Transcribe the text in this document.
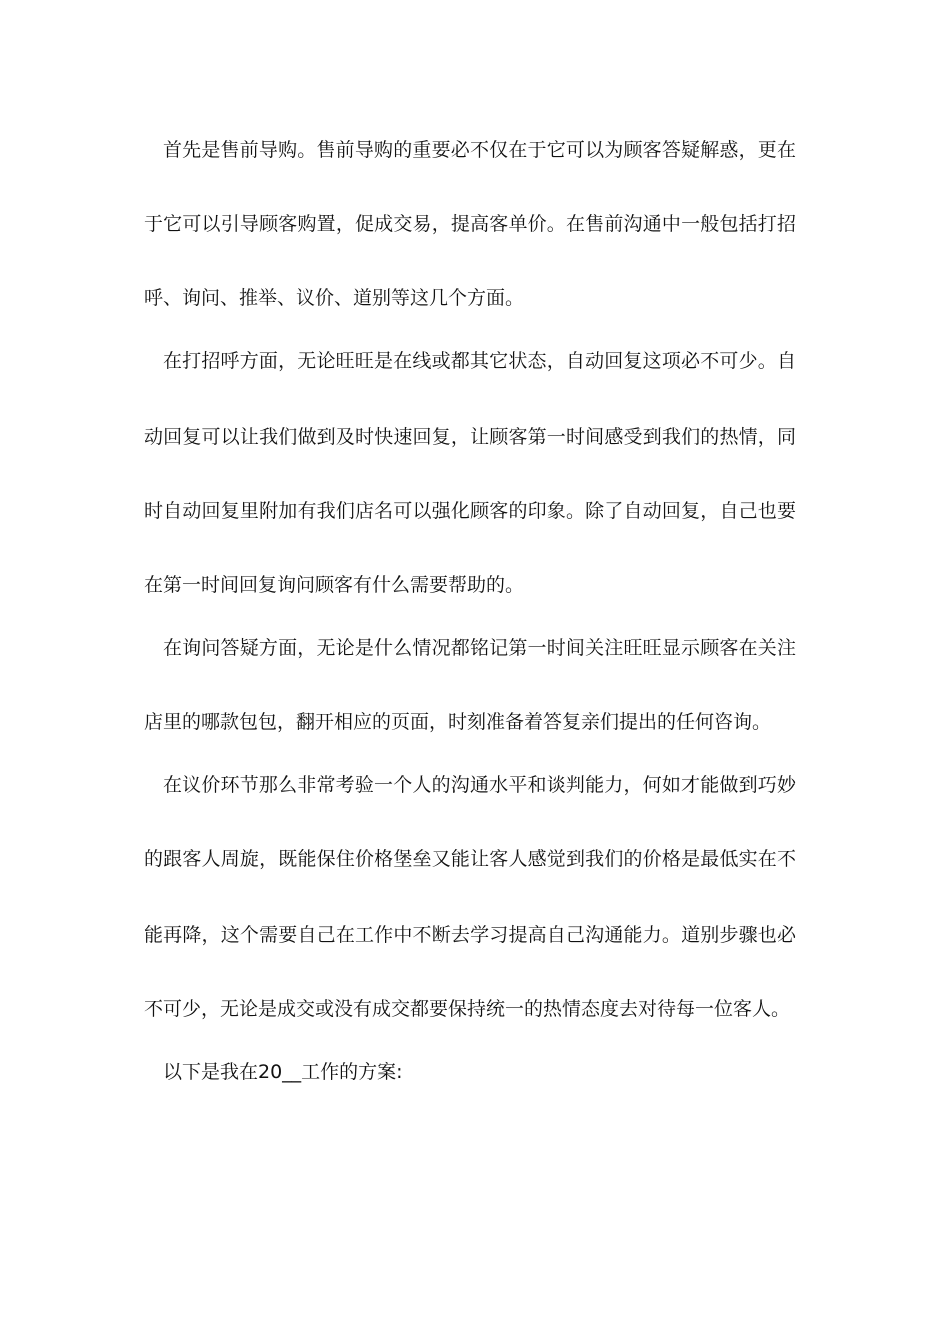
首先是售前导购。售前导购的重要必不仅在于它可以为顾客答疑解惑，更在
于它可以引导顾客购置，促成交易，提高客单价。在售前沟通中一般包括打招
呼、询问、推举、议价、道别等这几个方面。
在打招呼方面，无论旺旺是在线或都其它状态，自动回复这项必不可少。自
动回复可以让我们做到及时快速回复，让顾客第一时间感受到我们的热情，同
时自动回复里附加有我们店名可以强化顾客的印象。除了自动回复，自己也要
在第一时间回复询问顾客有什么需要帮助的。
在询问答疑方面，无论是什么情况都铭记第一时间关注旺旺显示顾客在关注
店里的哪款包包，翻开相应的页面，时刻准备着答复亲们提出的任何咨询。
在议价环节那么非常考验一个人的沟通水平和谈判能力，何如才能做到巧妙
的跟客人周旋，既能保住价格堡垒又能让客人感觉到我们的价格是最低实在不
能再降，这个需要自己在工作中不断去学习提高自己沟通能力。道别步骤也必
不可少，无论是成交或没有成交都要保持统一的热情态度去对待每一位客人。
以下是我在20__工作的方案:
